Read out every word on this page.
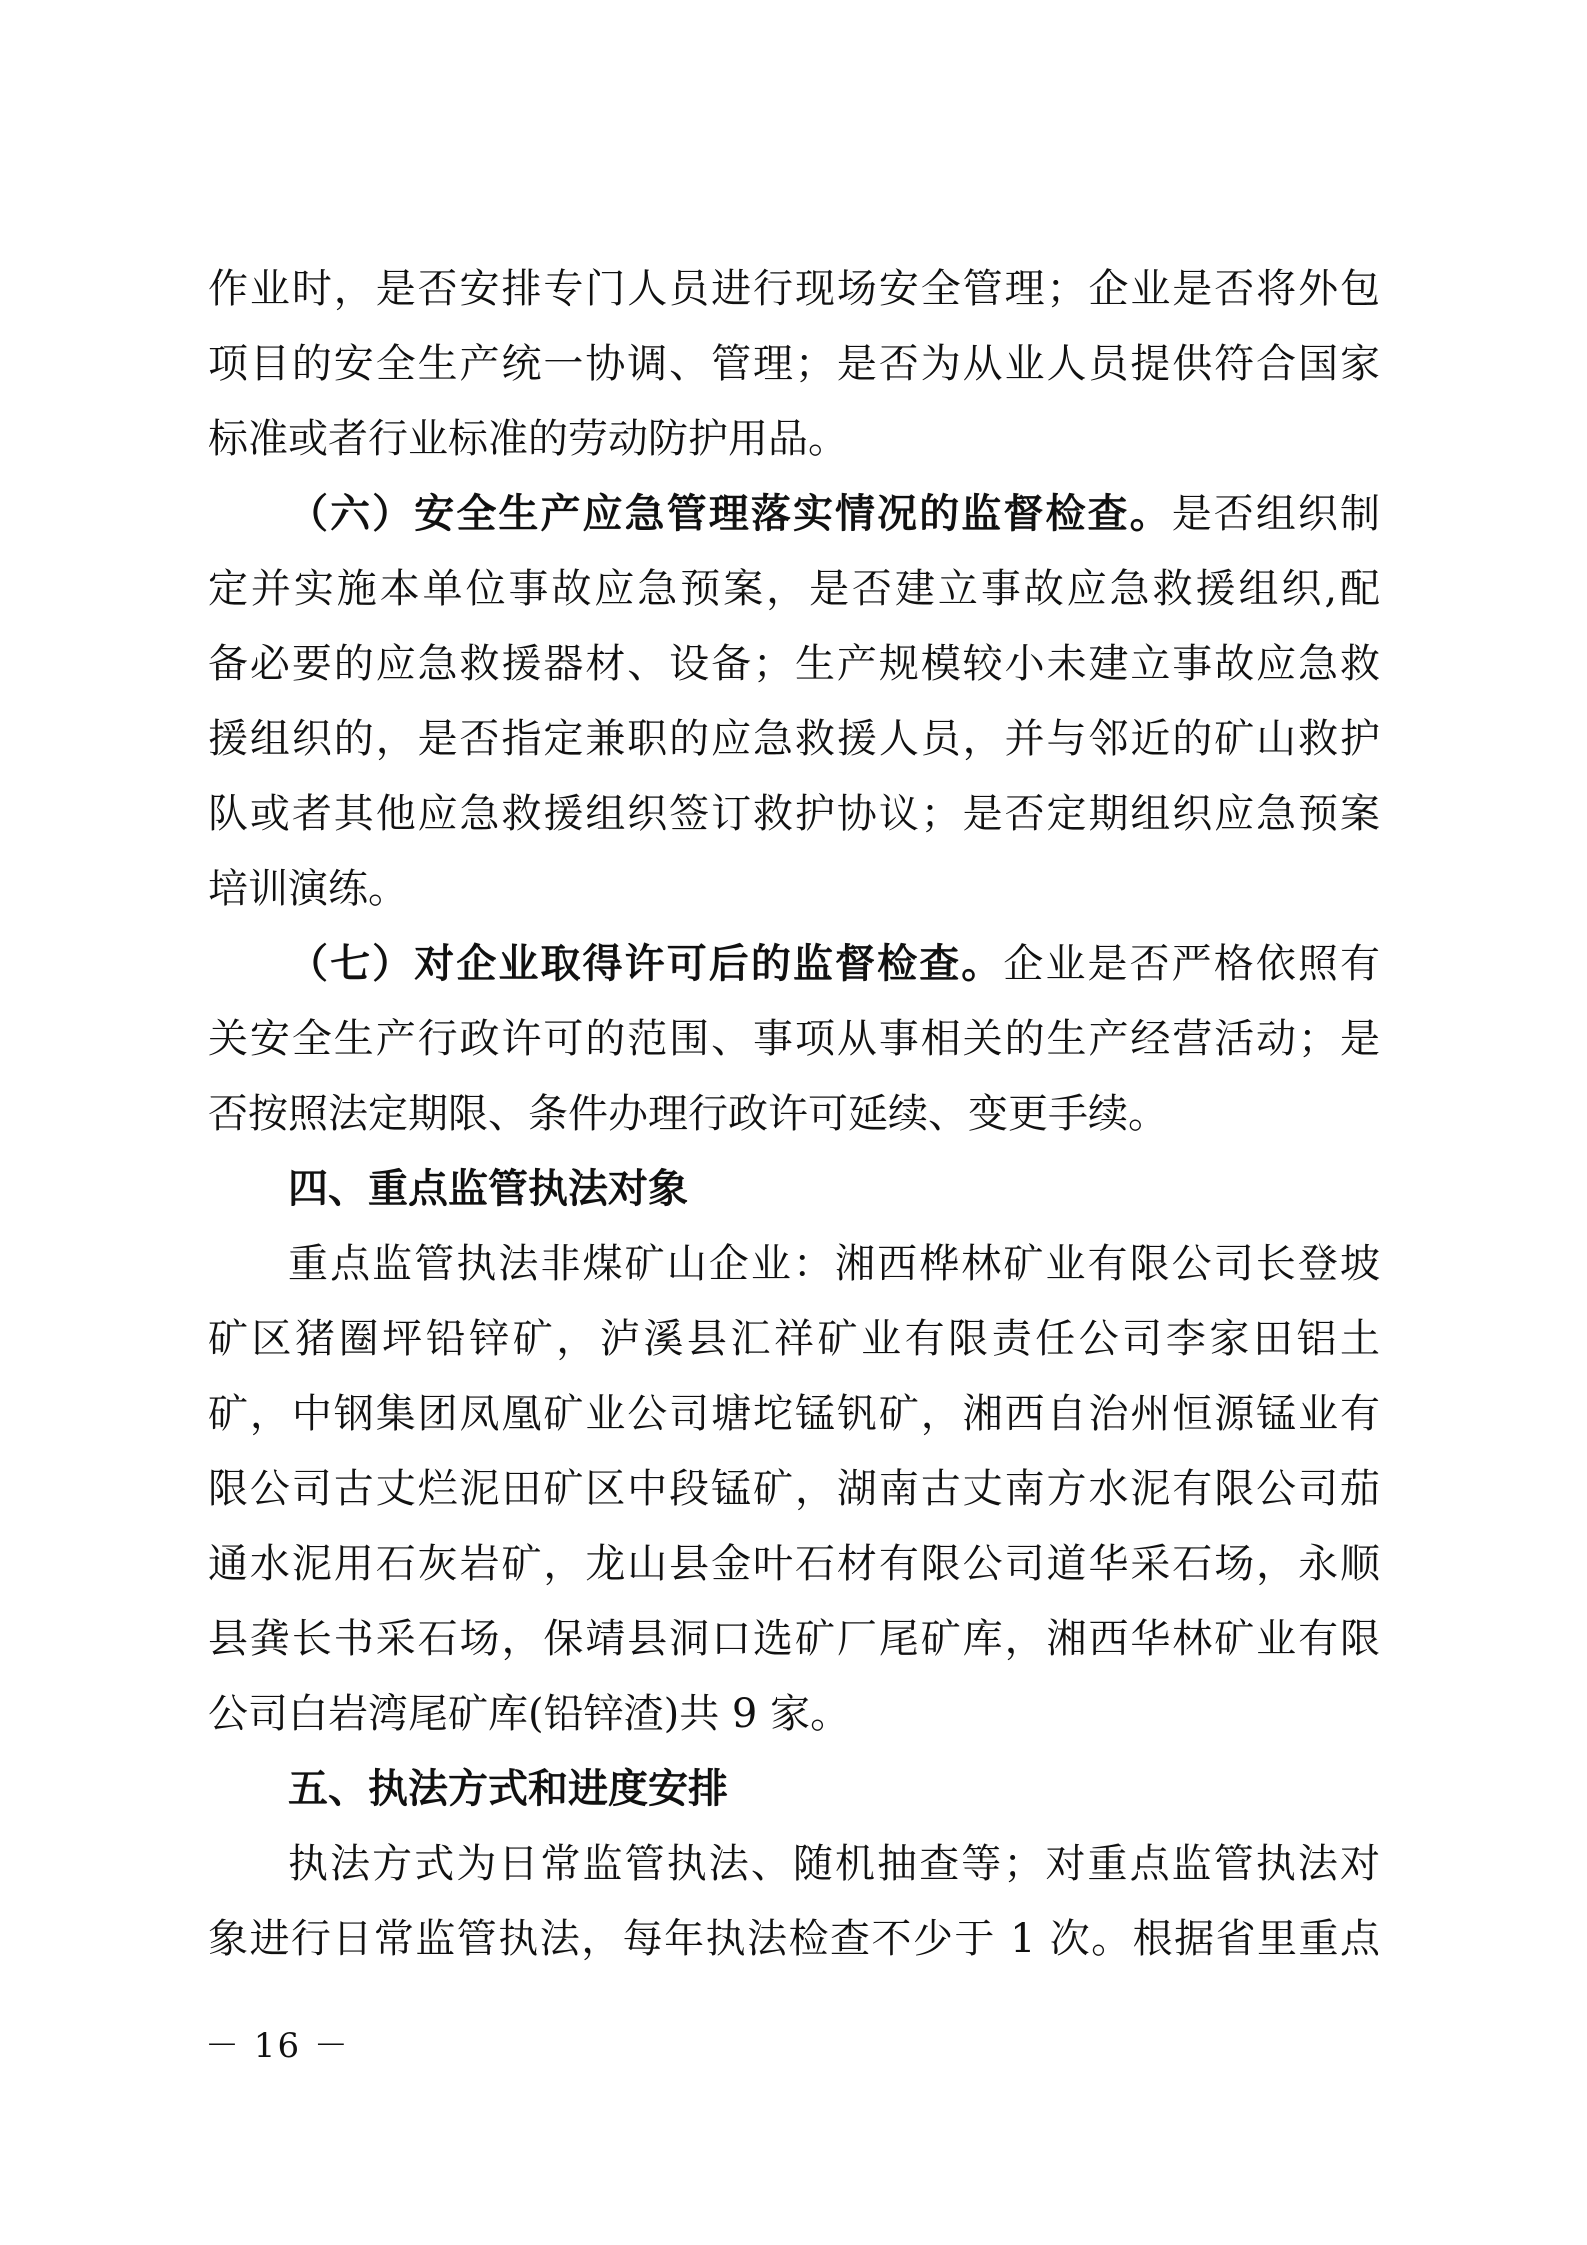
作业时，是否安排专门人员进行现场安全管理；企业是否将外包
项目的安全生产统一协调、管理；是否为从业人员提供符合国家
标准或者行业标准的劳动防护用品。
（六）安全生产应急管理落实情况的监督检查。是否组织制
定并实施本单位事故应急预案，是否建立事故应急救援组织,配
备必要的应急救援器材、设备；生产规模较小未建立事故应急救
援组织的，是否指定兼职的应急救援人员，并与邻近的矿山救护
队或者其他应急救援组织签订救护协议；是否定期组织应急预案
培训演练。
（七）对企业取得许可后的监督检查。企业是否严格依照有
关安全生产行政许可的范围、事项从事相关的生产经营活动；是
否按照法定期限、条件办理行政许可延续、变更手续。
四、重点监管执法对象
重点监管执法非煤矿山企业：湘西桦林矿业有限公司长登坡
矿区猪圈坪铅锌矿，泸溪县汇祥矿业有限责任公司李家田铝土
矿，中钢集团凤凰矿业公司塘坨锰钒矿，湘西自治州恒源锰业有
限公司古丈烂泥田矿区中段锰矿，湖南古丈南方水泥有限公司茄
通水泥用石灰岩矿，龙山县金叶石材有限公司道华采石场，永顺
县龚长书采石场，保靖县洞口选矿厂尾矿库，湘西华林矿业有限
公司白岩湾尾矿库(铅锌渣)共 9 家。
五、执法方式和进度安排
执法方式为日常监管执法、随机抽查等；对重点监管执法对
象进行日常监管执法，每年执法检查不少于 1 次。根据省里重点
－ 16 －
